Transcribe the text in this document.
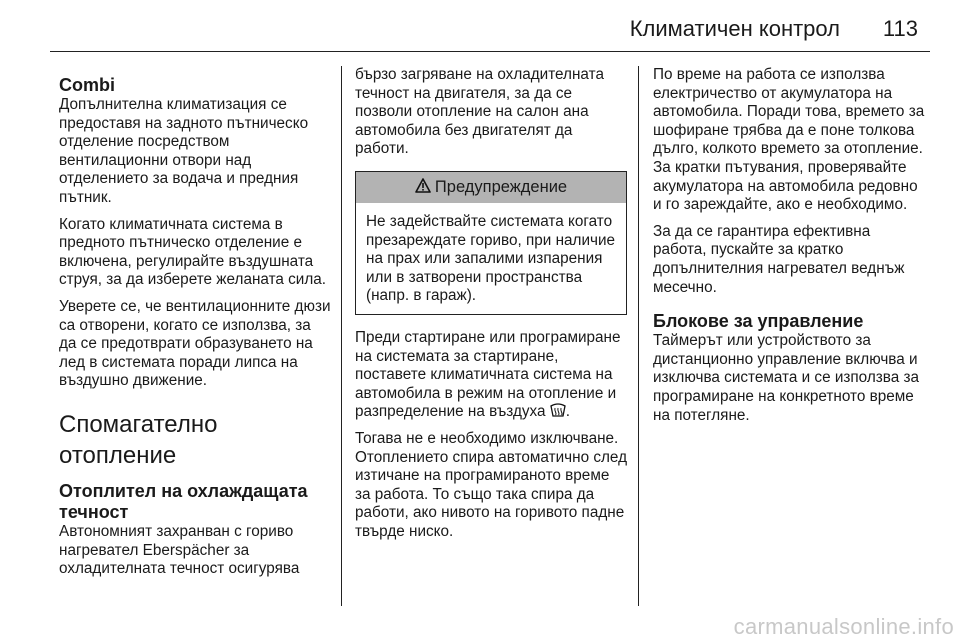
Климатичен контрол 113
Combi

Допълнителна климатизация се предоставя на задното пътническо отделение посредством вентилационни отвори над отделението за водача и предния пътник.

Когато климатичната система в предното пътническо отделение е включена, регулирайте въздушната струя, за да изберете желаната сила.

Уверете се, че вентилационните дюзи са отворени, когато се използва, за да се предотврати образуването на лед в системата поради липса на въздушно движение.

Спомагателно отопление
Отоплител на охлаждащата течност

Автономният захранван с гориво нагревател Eberspächer за охладителната течност осигурява

бързо загряване на охладителната течност на двигателя, за да се позволи отопление на салон ана автомобила без двигателят да работи.

Предупреждение
Не задействайте системата когато презареждате гориво, при наличие на прах или запалими изпарения или в затворени пространства (напр. в гараж).

Преди стартиране или програмиране на системата за стартиране, поставете климатичната система на автомобила в режим на отопление и разпределение на въздуха .

Тогава не е необходимо изключване. Отоплението спира автоматично след изтичане на програмираното време за работа. То също така спира да работи, ако нивото на горивото падне твърде ниско.

По време на работа се използва електричество от акумулатора на автомобила. Поради това, времето за шофиране трябва да е поне толкова дълго, колкото времето за отопление. За кратки пътувания, проверявайте акумулатора на автомобила редовно и го зареждайте, ако е необходимо.

За да се гарантира ефективна работа, пускайте за кратко допълнителния нагревател веднъж месечно.

Блокове за управление

Таймерът или устройството за дистанционно управление включва и изключва системата и се използва за програмиране на конкретното време на потегляне.

carmanualsonline.info
